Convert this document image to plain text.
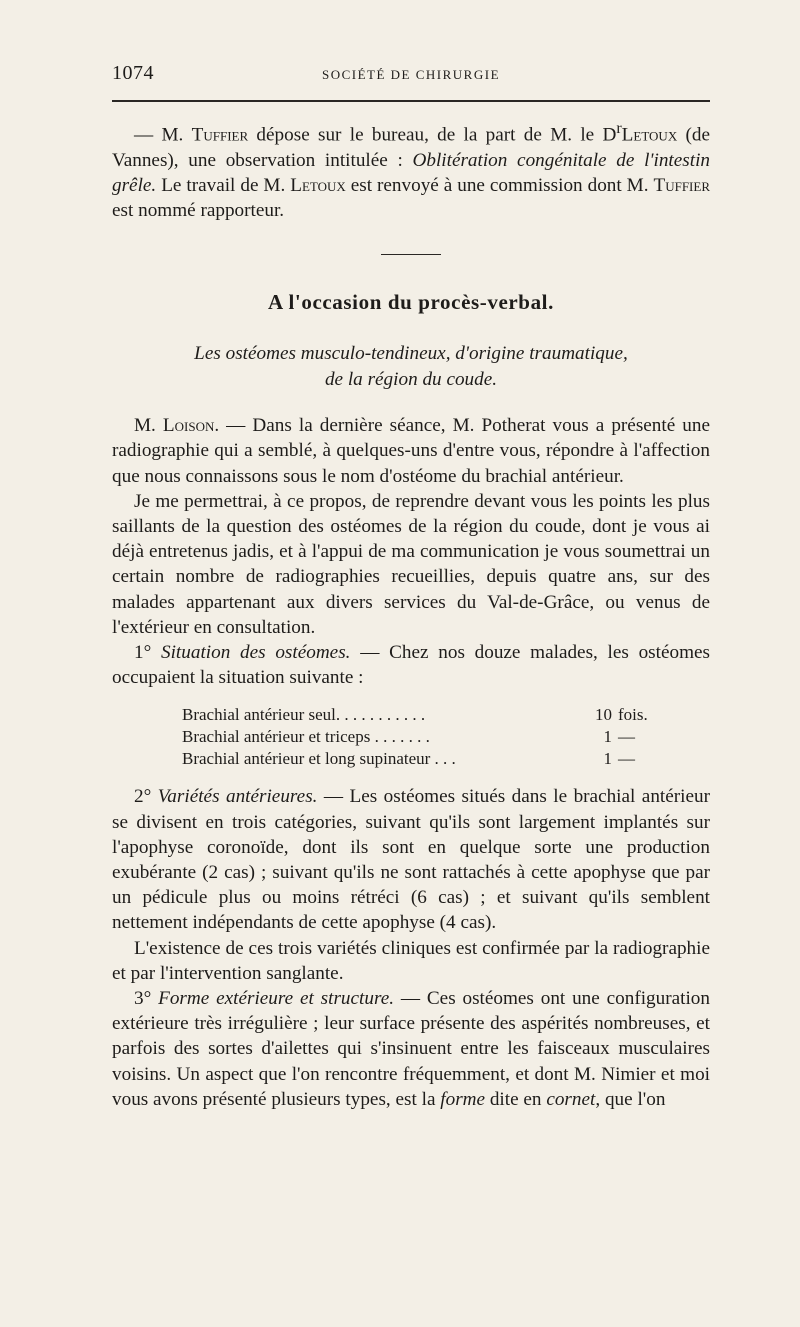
1074	SOCIÉTÉ DE CHIRURGIE

— M. Tuffier dépose sur le bureau, de la part de M. le $D^rLetoux$ (de Vannes), une observation intitulée : Oblitération congénitale de l'intestin grêle. Le travail de M. Letoux est renvoyé à une commission dont M. Tuffier est nommé rapporteur.

A l'occasion du procès-verbal.
Les ostéomes musculo-tendineux, d'origine traumatique,
de la région du coude.

M. Loison. — Dans la dernière séance, M. Potherat vous a présenté une radiographie qui a semblé, à quelques-uns d'entre vous, répondre à l'affection que nous connaissons sous le nom d'ostéome du brachial antérieur.

Je me permettrai, à ce propos, de reprendre devant vous les points les plus saillants de la question des ostéomes de la région du coude, dont je vous ai déjà entretenus jadis, et à l'appui de ma communication je vous soumettrai un certain nombre de radiographies recueillies, depuis quatre ans, sur des malades appartenant aux divers services du Val-de-Grâce, ou venus de l'extérieur en consultation.

1° Situation des ostéomes. — Chez nos douze malades, les ostéomes occupaient la situation suivante :

Brachial antérieur seul. . . . . . . . . . .	10	fois.
Brachial antérieur et triceps . . . . . . .	1	—
Brachial antérieur et long supinateur . . .	1	—

2° Variétés antérieures. — Les ostéomes situés dans le brachial antérieur se divisent en trois catégories, suivant qu'ils sont largement implantés sur l'apophyse coronoïde, dont ils sont en quelque sorte une production exubérante (2 cas) ; suivant qu'ils ne sont rattachés à cette apophyse que par un pédicule plus ou moins rétréci (6 cas) ; et suivant qu'ils semblent nettement indépendants de cette apophyse (4 cas).

L'existence de ces trois variétés cliniques est confirmée par la radiographie et par l'intervention sanglante.

3° Forme extérieure et structure. — Ces ostéomes ont une configuration extérieure très irrégulière ; leur surface présente des aspérités nombreuses, et parfois des sortes d'ailettes qui s'insinuent entre les faisceaux musculaires voisins. Un aspect que l'on rencontre fréquemment, et dont M. Nimier et moi vous avons présenté plusieurs types, est la forme dite en cornet, que l'on
